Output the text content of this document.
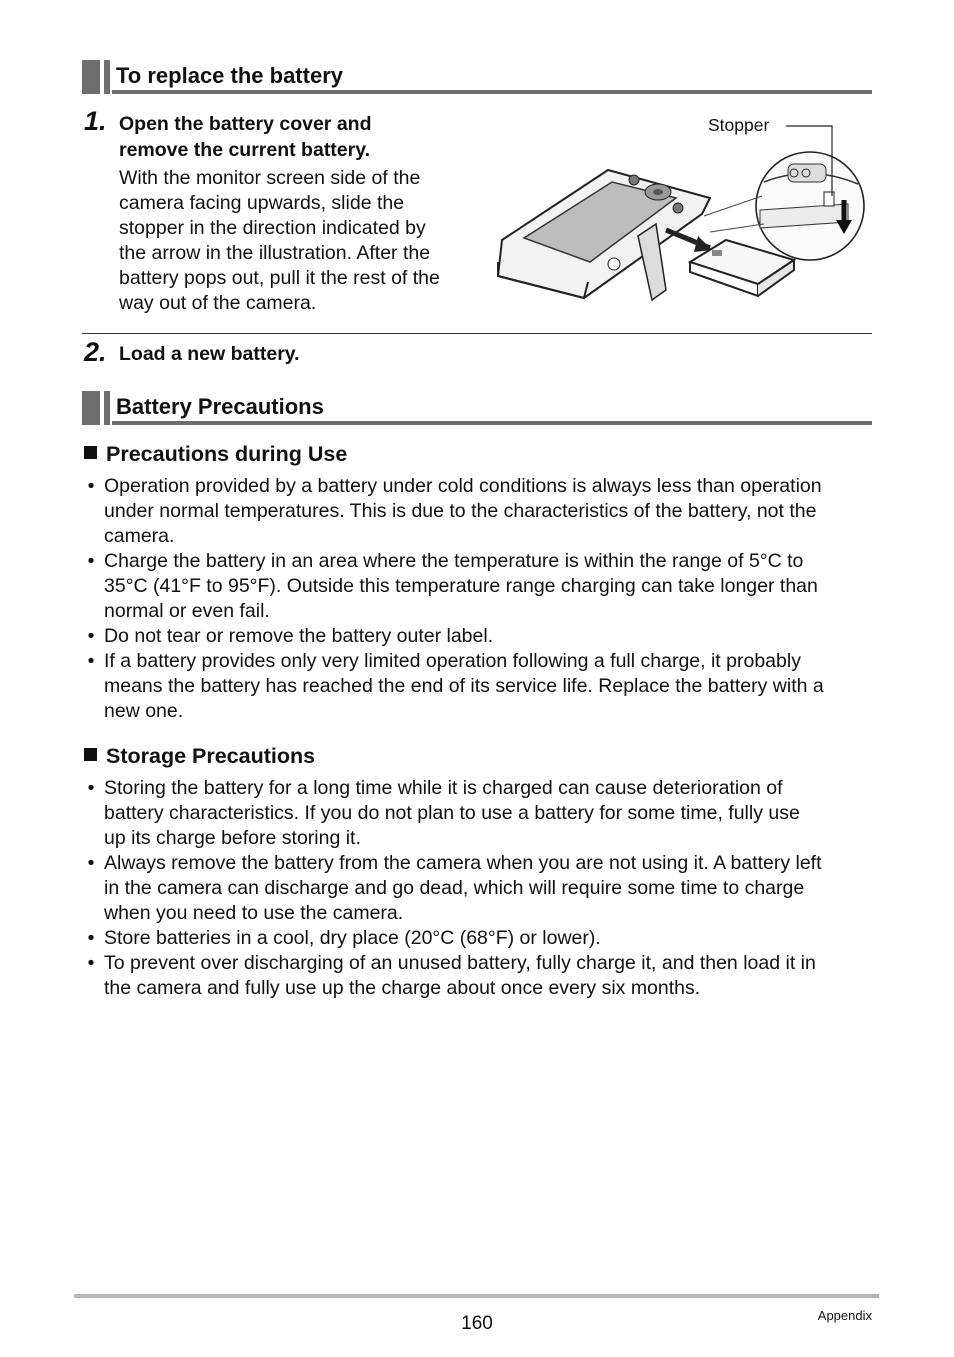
To replace the battery
1. Open the battery cover and
remove the current battery.
With the monitor screen side of the
camera facing upwards, slide the
stopper in the direction indicated by
the arrow in the illustration. After the
battery pops out, pull it the rest of the
way out of the camera.
Stopper
2. Load a new battery.
Battery Precautions
Precautions during Use
• Operation provided by a battery under cold conditions is always less than operation
under normal temperatures. This is due to the characteristics of the battery, not the
camera.
• Charge the battery in an area where the temperature is within the range of 5°C to
35°C (41°F to 95°F). Outside this temperature range charging can take longer than
normal or even fail.
• Do not tear or remove the battery outer label.
• If a battery provides only very limited operation following a full charge, it probably
means the battery has reached the end of its service life. Replace the battery with a
new one.
Storage Precautions
• Storing the battery for a long time while it is charged can cause deterioration of
battery characteristics. If you do not plan to use a battery for some time, fully use
up its charge before storing it.
• Always remove the battery from the camera when you are not using it. A battery left
in the camera can discharge and go dead, which will require some time to charge
when you need to use the camera.
• Store batteries in a cool, dry place (20°C (68°F) or lower).
• To prevent over discharging of an unused battery, fully charge it, and then load it in
the camera and fully use up the charge about once every six months.
160	Appendix
